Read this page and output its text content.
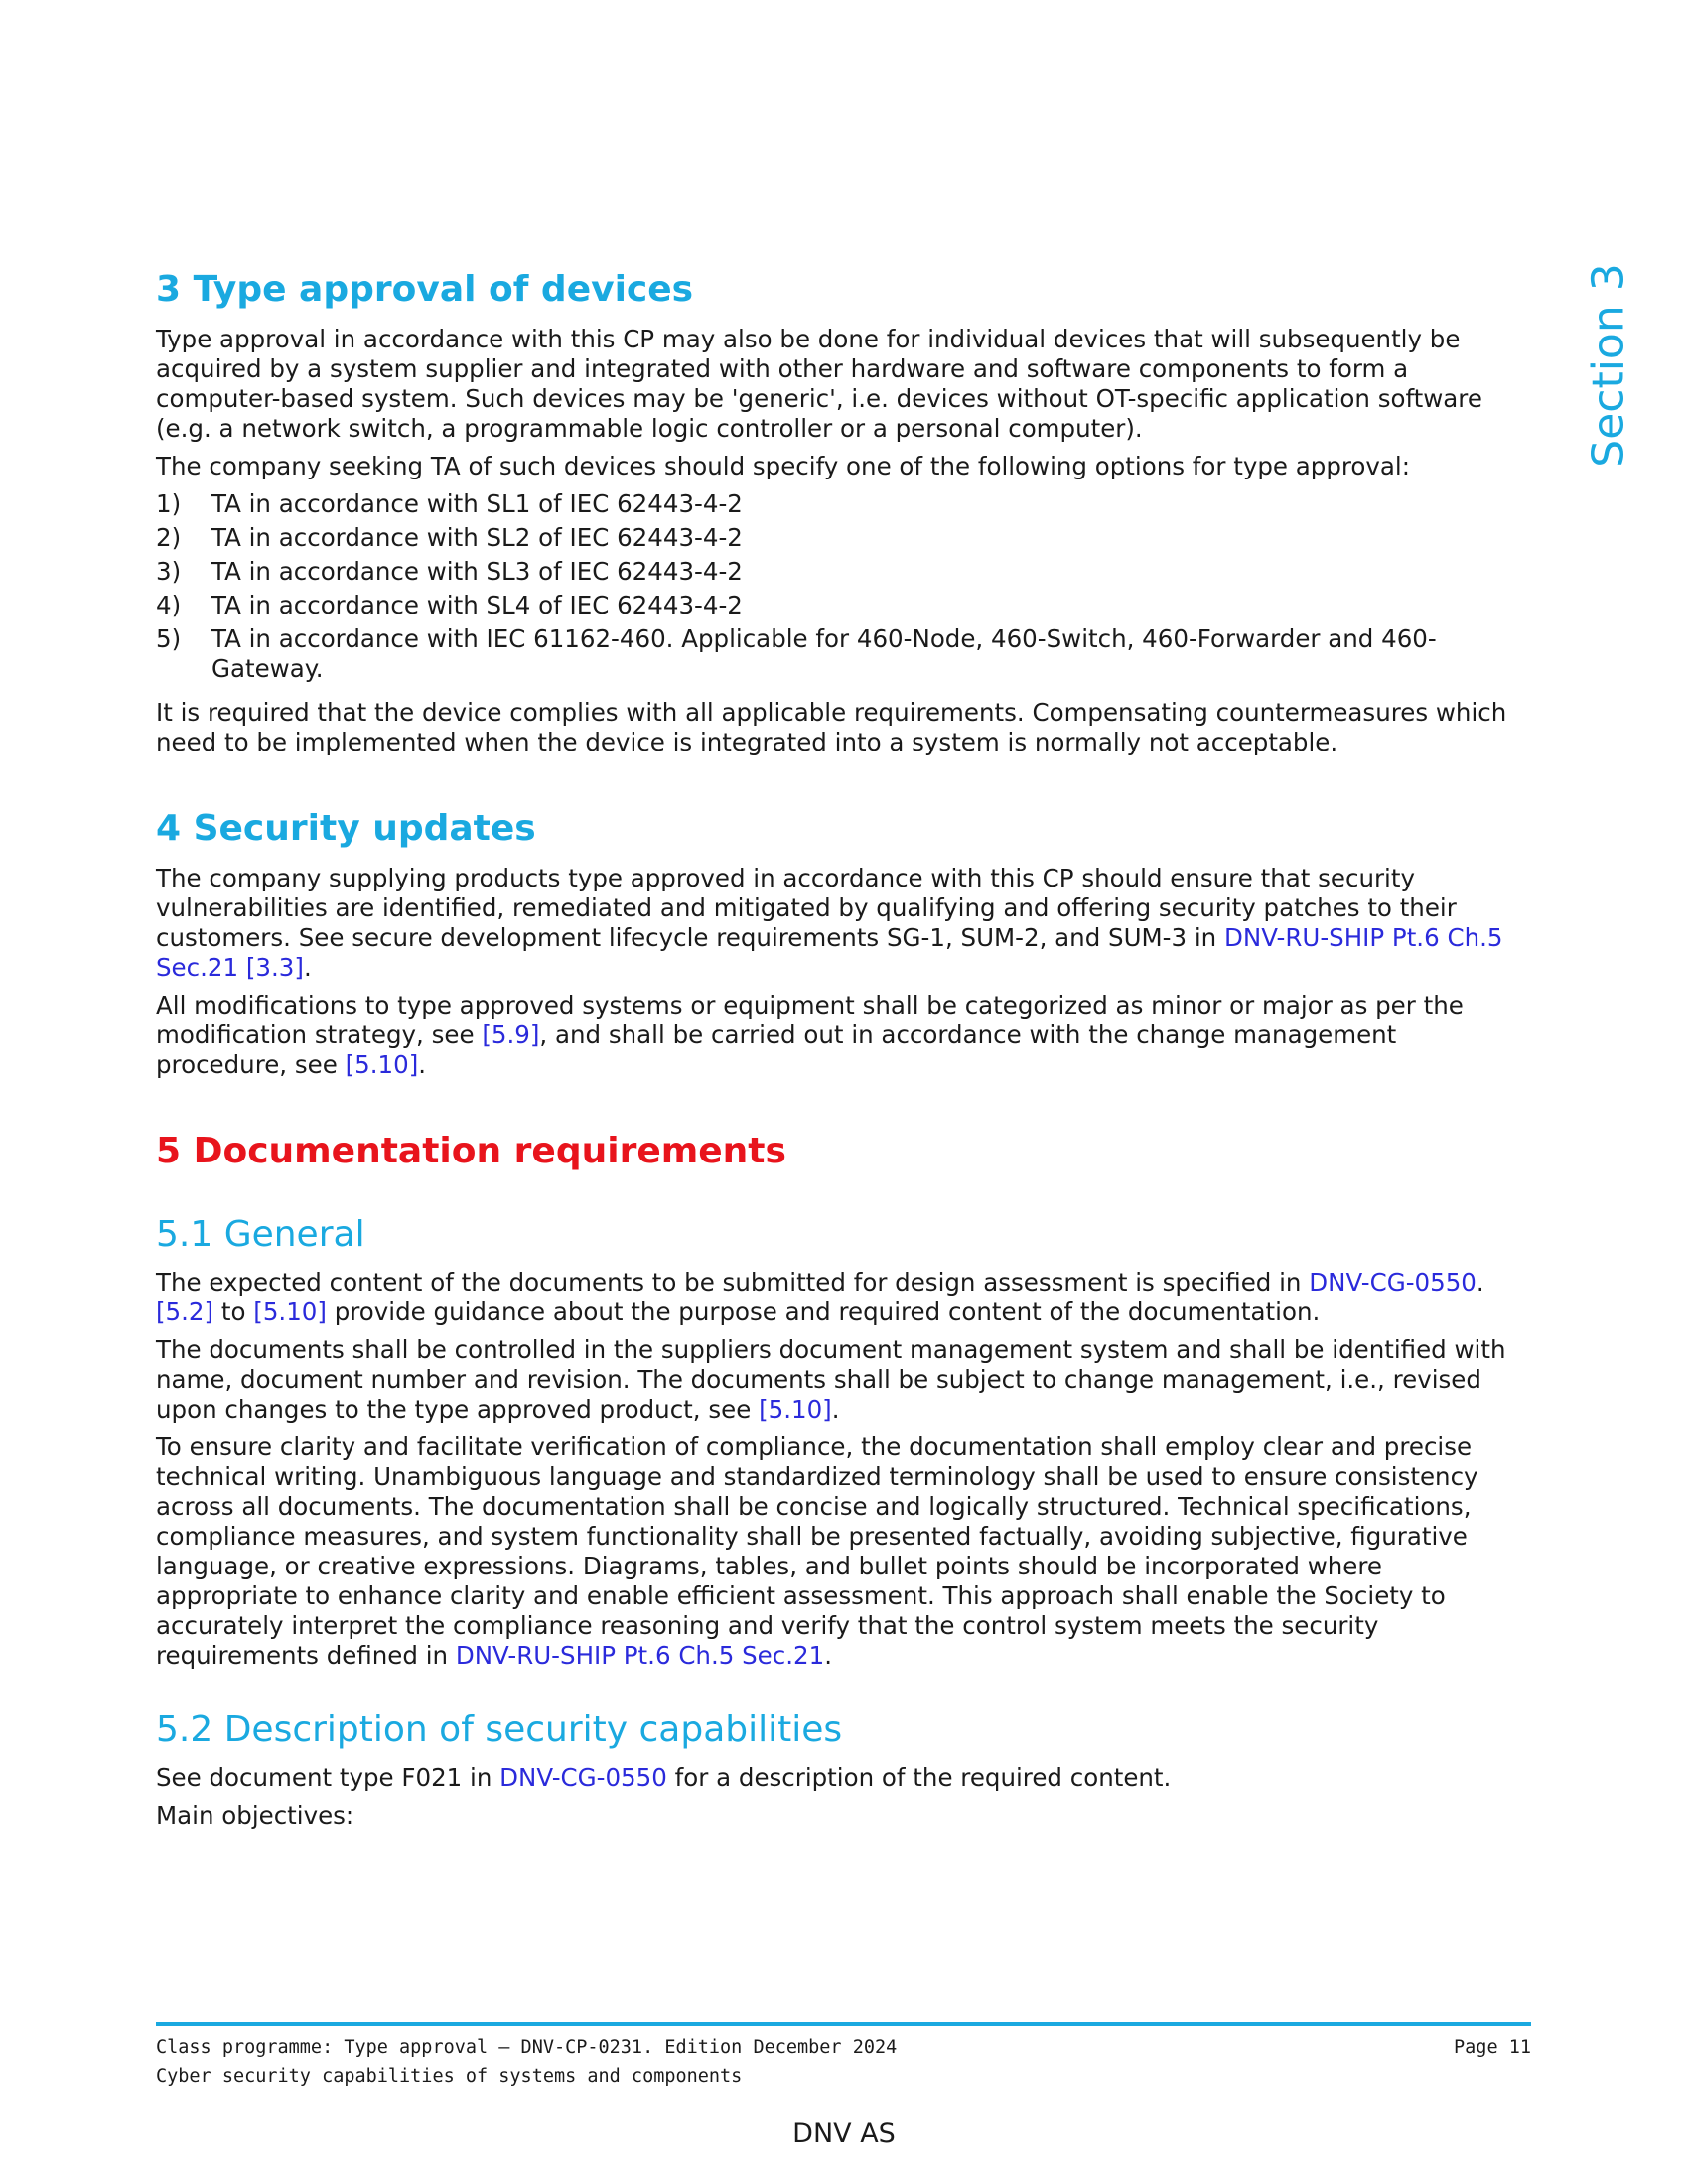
Section 3
3 Type approval of devices

Type approval in accordance with this CP may also be done for individual devices that will subsequently be acquired by a system supplier and integrated with other hardware and software components to form a computer-based system. Such devices may be 'generic', i.e. devices without OT-specific application software (e.g. a network switch, a programmable logic controller or a personal computer).

The company seeking TA of such devices should specify one of the following options for type approval:

1)	TA in accordance with SL1 of IEC 62443-4-2
2)	TA in accordance with SL2 of IEC 62443-4-2
3)	TA in accordance with SL3 of IEC 62443-4-2
4)	TA in accordance with SL4 of IEC 62443-4-2
5)	TA in accordance with IEC 61162-460. Applicable for 460-Node, 460-Switch, 460-Forwarder and 460-Gateway.

It is required that the device complies with all applicable requirements. Compensating countermeasures which need to be implemented when the device is integrated into a system is normally not acceptable.

4 Security updates

The company supplying products type approved in accordance with this CP should ensure that security vulnerabilities are identified, remediated and mitigated by qualifying and offering security patches to their customers. See secure development lifecycle requirements SG-1, SUM-2, and SUM-3 in DNV-RU-SHIP Pt.6 Ch.5 Sec.21 [3.3].

All modifications to type approved systems or equipment shall be categorized as minor or major as per the modification strategy, see [5.9], and shall be carried out in accordance with the change management procedure, see [5.10].

5 Documentation requirements
5.1 General

The expected content of the documents to be submitted for design assessment is specified in DNV-CG-0550. [5.2] to [5.10] provide guidance about the purpose and required content of the documentation.

The documents shall be controlled in the suppliers document management system and shall be identified with name, document number and revision. The documents shall be subject to change management, i.e., revised upon changes to the type approved product, see [5.10].

To ensure clarity and facilitate verification of compliance, the documentation shall employ clear and precise technical writing. Unambiguous language and standardized terminology shall be used to ensure consistency across all documents. The documentation shall be concise and logically structured. Technical specifications, compliance measures, and system functionality shall be presented factually, avoiding subjective, figurative language, or creative expressions. Diagrams, tables, and bullet points should be incorporated where appropriate to enhance clarity and enable efficient assessment. This approach shall enable the Society to accurately interpret the compliance reasoning and verify that the control system meets the security requirements defined in DNV-RU-SHIP Pt.6 Ch.5 Sec.21.

5.2 Description of security capabilities

See document type F021 in DNV-CG-0550 for a description of the required content.

Main objectives:

Class programme: Type approval — DNV-CP-0231. Edition December 2024	Page 11
Cyber security capabilities of systems and components
DNV AS
